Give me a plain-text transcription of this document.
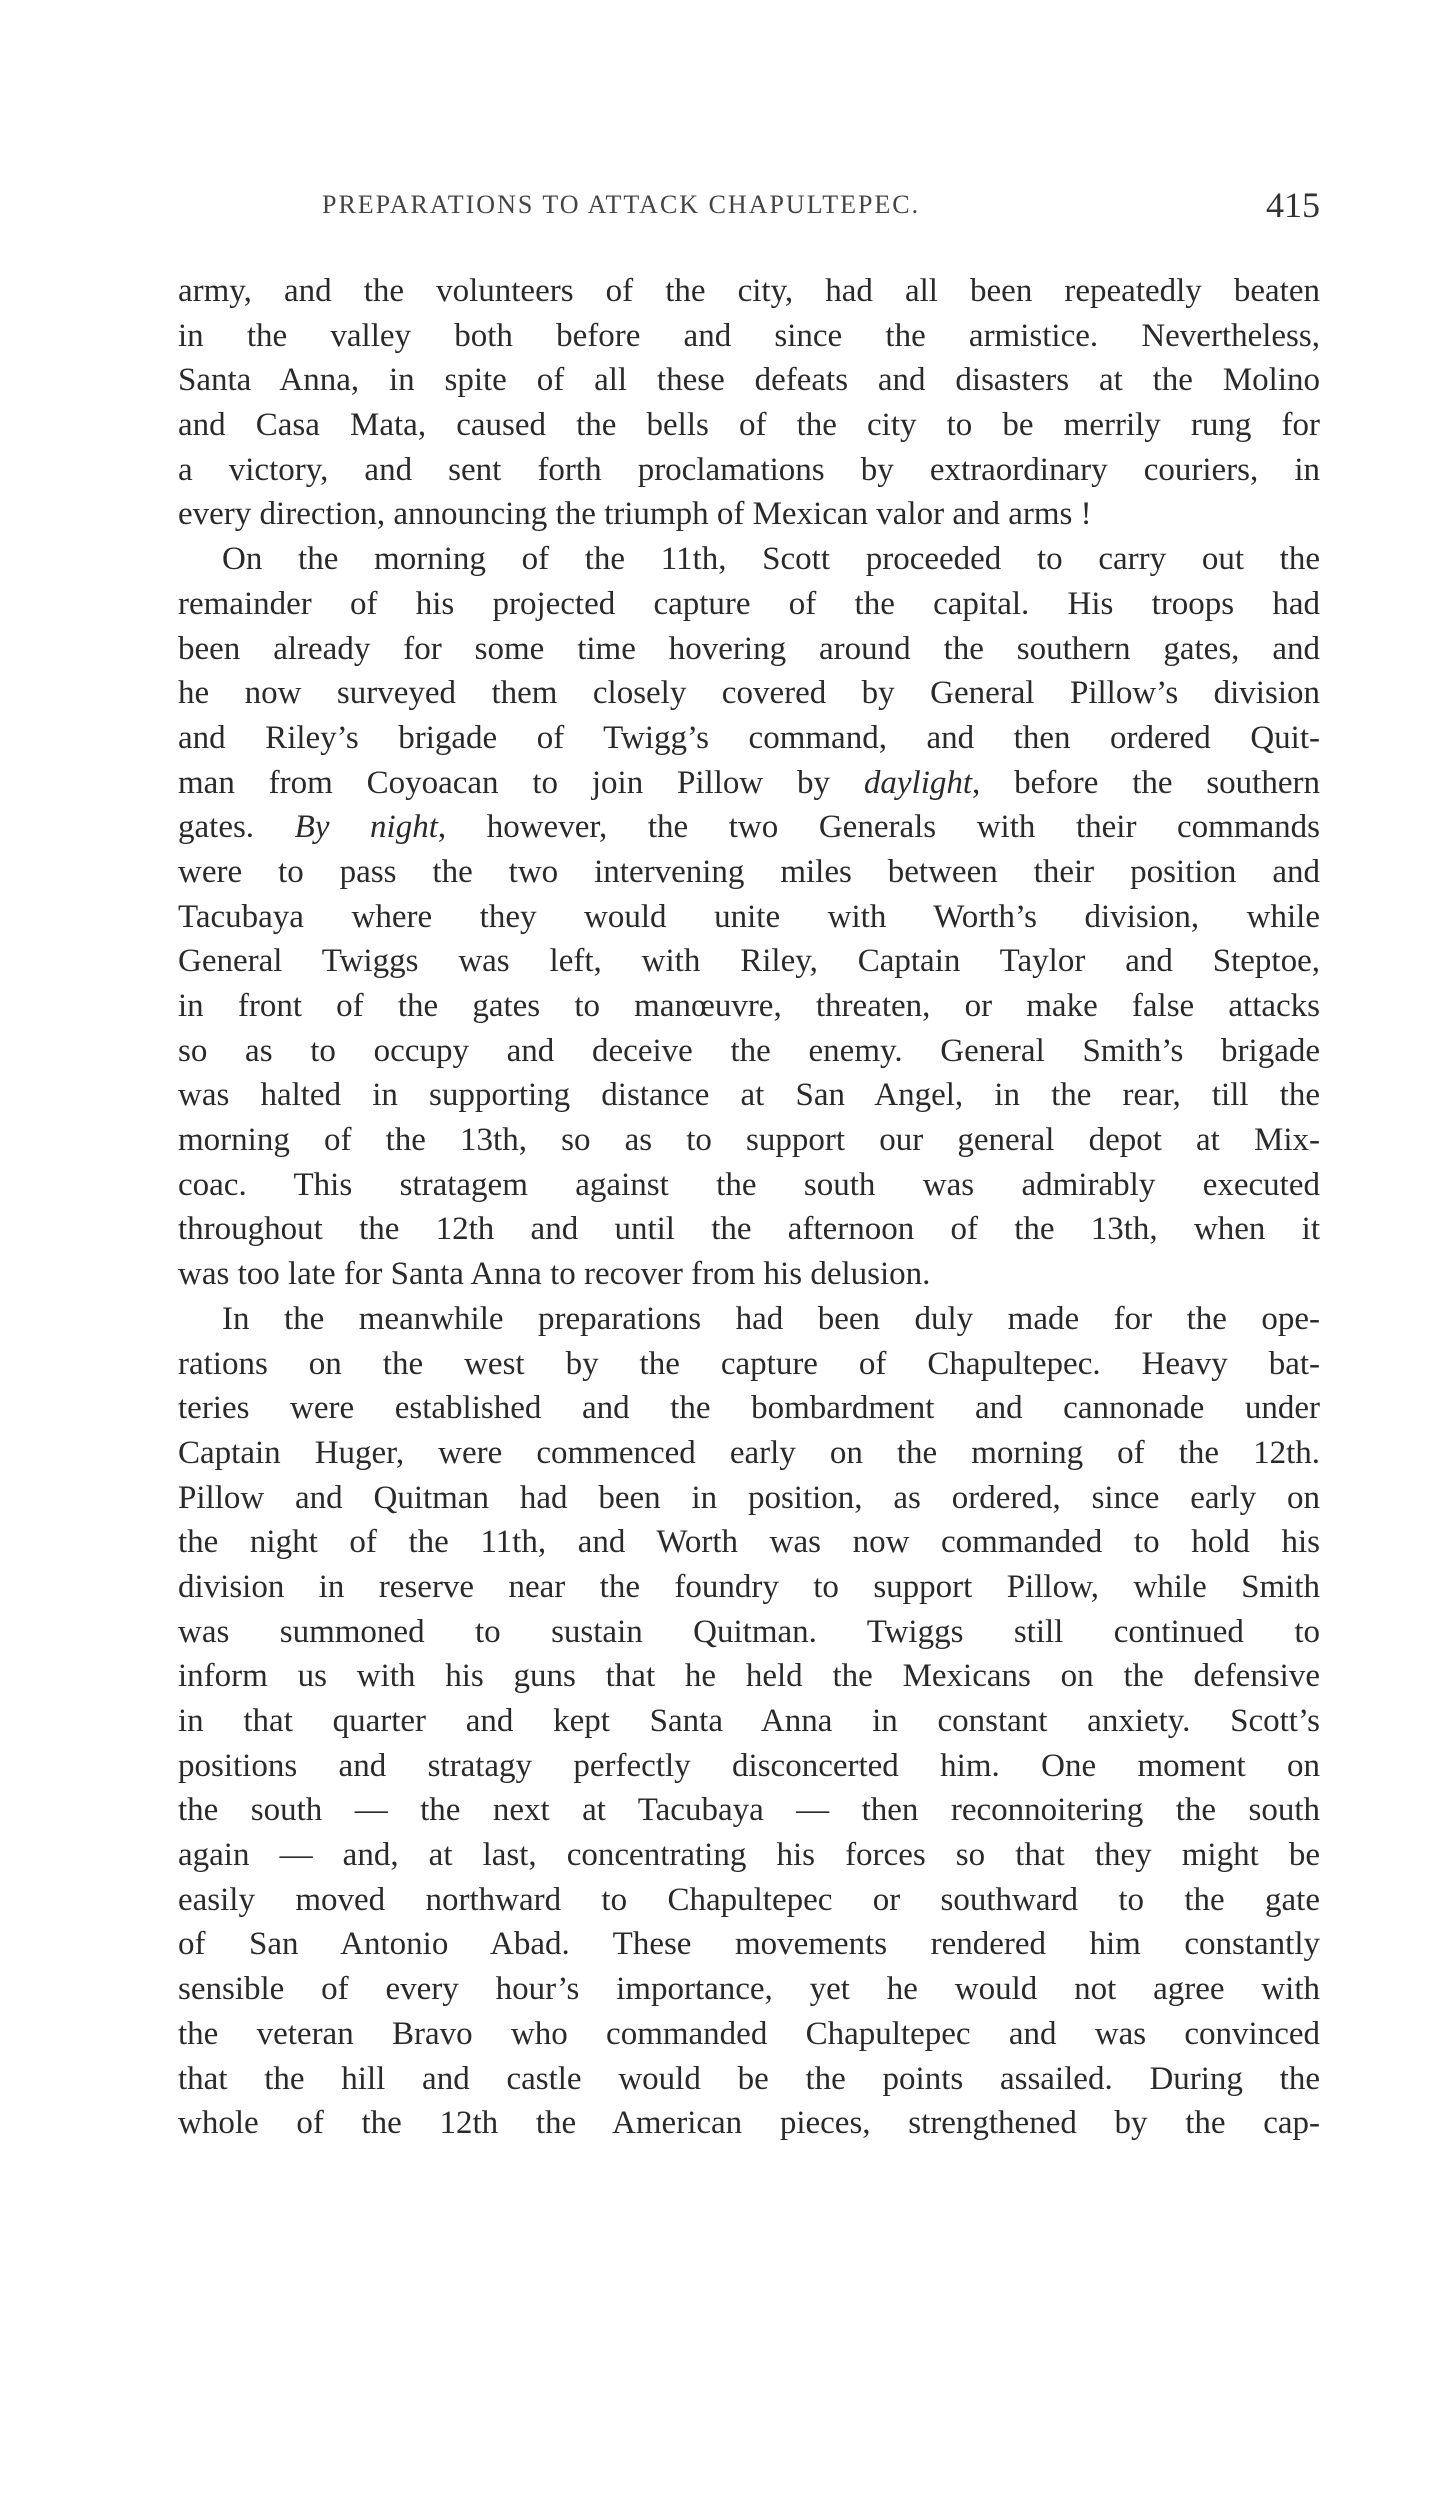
PREPARATIONS TO ATTACK CHAPULTEPEC.	415
army, and the volunteers of the city, had all been repeatedly beaten
in the valley both before and since the armistice. Nevertheless,
Santa Anna, in spite of all these defeats and disasters at the Molino
and Casa Mata, caused the bells of the city to be merrily rung for
a victory, and sent forth proclamations by extraordinary couriers, in
every direction, announcing the triumph of Mexican valor and arms !
On the morning of the 11th, Scott proceeded to carry out the
remainder of his projected capture of the capital. His troops had
been already for some time hovering around the southern gates, and
he now surveyed them closely covered by General Pillow’s division
and Riley’s brigade of Twigg’s command, and then ordered Quit-
man from Coyoacan to join Pillow by daylight, before the southern
gates. By night, however, the two Generals with their commands
were to pass the two intervening miles between their position and
Tacubaya where they would unite with Worth’s division, while
General Twiggs was left, with Riley, Captain Taylor and Steptoe,
in front of the gates to manœuvre, threaten, or make false attacks
so as to occupy and deceive the enemy. General Smith’s brigade
was halted in supporting distance at San Angel, in the rear, till the
morning of the 13th, so as to support our general depot at Mix-
coac. This stratagem against the south was admirably executed
throughout the 12th and until the afternoon of the 13th, when it
was too late for Santa Anna to recover from his delusion.
In the meanwhile preparations had been duly made for the ope-
rations on the west by the capture of Chapultepec. Heavy bat-
teries were established and the bombardment and cannonade under
Captain Huger, were commenced early on the morning of the 12th.
Pillow and Quitman had been in position, as ordered, since early on
the night of the 11th, and Worth was now commanded to hold his
division in reserve near the foundry to support Pillow, while Smith
was summoned to sustain Quitman. Twiggs still continued to
inform us with his guns that he held the Mexicans on the defensive
in that quarter and kept Santa Anna in constant anxiety. Scott’s
positions and stratagy perfectly disconcerted him. One moment on
the south — the next at Tacubaya — then reconnoitering the south
again — and, at last, concentrating his forces so that they might be
easily moved northward to Chapultepec or southward to the gate
of San Antonio Abad. These movements rendered him constantly
sensible of every hour’s importance, yet he would not agree with
the veteran Bravo who commanded Chapultepec and was convinced
that the hill and castle would be the points assailed. During the
whole of the 12th the American pieces, strengthened by the cap-
